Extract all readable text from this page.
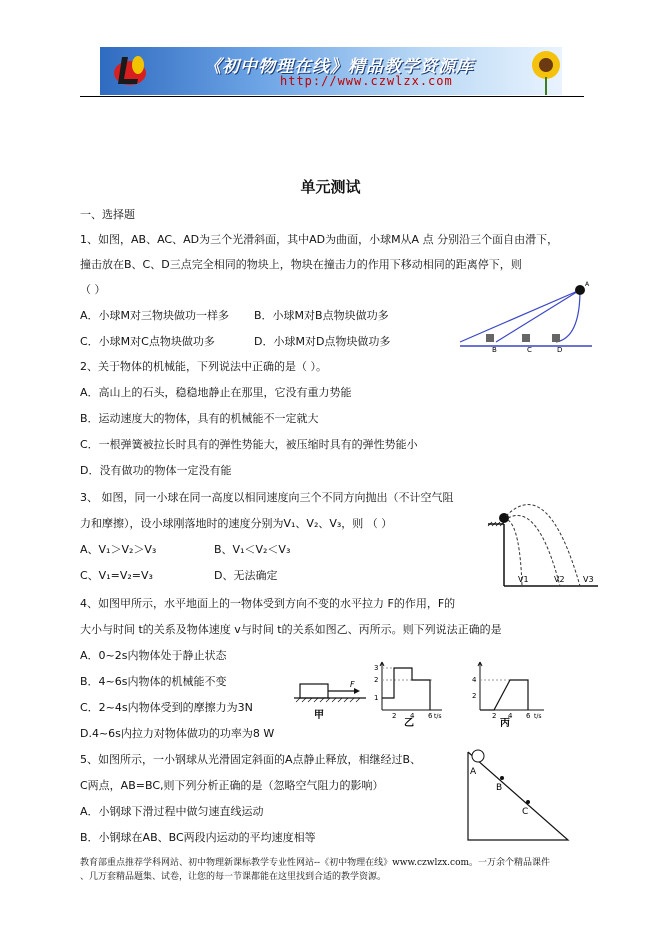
《初中物理在线》精品教学资源库
http://www.czwlzx.com
单元测试
一、选择题
1、如图，AB、AC、AD为三个光滑斜面，其中AD为曲面，小球M从A 点 分别沿三个面自由滑下，
撞击放在B、C、D三点完全相同的物块上，物块在撞击力的作用下移动相同的距离停下，则
（ ）
A．小球M对三物块做功一样多 B．小球M对B点物块做功多
C．小球M对C点物块做功多	D．小球M对D点物块做功多
B	C	D
A
2、关于物体的机械能，下列说法中正确的是（ ）。
A．高山上的石头，稳稳地静止在那里，它没有重力势能
B．运动速度大的物体，具有的机械能不一定就大
C．一根弹簧被拉长时具有的弹性势能大，被压缩时具有的弹性势能小
D．没有做功的物体一定没有能
3、 如图，同一小球在同一高度以相同速度向三个不同方向抛出（不计空气阻
力和摩擦），设小球刚落地时的速度分别为V₁、V₂、V₃，则 （ ）
A、V₁＞V₂＞V₃	B、V₁＜V₂＜V₃
C、V₁=V₂=V₃	D、无法确定	V1	V2 V3
4、如图甲所示，水平地面上的一物体受到方向不变的水平拉力 F的作用，F的
大小与时间 t的关系及物体速度 v与时间 t的关系如图乙、丙所示。则下列说法正确的是
A．0~2s内物体处于静止状态
B．4~6s内物体的机械能不变
C．2~4s内物体受到的摩擦力为3N
D.4~6s内拉力对物体做功的功率为8 W
F
甲
3
2
1
2 4 6 t/s
乙
4
2
2 4 6 t/s
丙
5、如图所示，一小钢球从光滑固定斜面的A点静止释放，相继经过B、
C两点，AB=BC,则下列分析正确的是（忽略空气阻力的影响）
A．小钢球下滑过程中做匀速直线运动
B．小钢球在AB、BC两段内运动的平均速度相等
A
B
C
教育部重点推荐学科网站、初中物理新课标教学专业性网站--《初中物理在线》www.czwlzx.com。一万余个精品课件
、几万套精品题集、试卷，让您的每一节课都能在这里找到合适的教学资源。
